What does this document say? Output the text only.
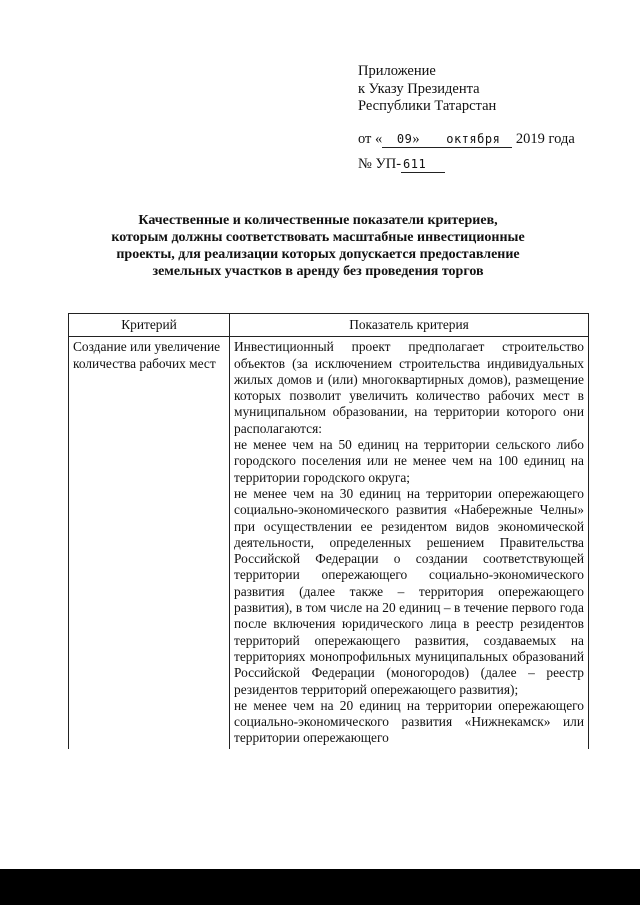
Приложение
к Указу Президента
Республики Татарстан
от « 09» октября 2019 года
№ УП- 611
Качественные и количественные показатели критериев,
которым должны соответствовать масштабные инвестиционные
проекты, для реализации которых допускается предоставление
земельных участков в аренду без проведения торгов
Критерий	Показатель критерия
Создание или увеличение количества рабочих мест	Инвестиционный проект предполагает строительство объектов (за исключением строительства индивидуальных жилых домов и (или) многоквартирных домов), размещение которых позволит увеличить количество рабочих мест в муниципальном образовании, на территории которого они располагаются:

не менее чем на 50 единиц на территории сельского либо городского поселения или не менее чем на 100 единиц на территории городского округа;

не менее чем на 30 единиц на территории опережающего социально-экономического развития «Набережные Челны» при осуществлении ее резидентом видов экономической деятельности, определенных решением Правительства Российской Федерации о создании соответствующей территории опережающего социально-экономического развития (далее также – территория опережающего развития), в том числе на 20 единиц – в течение первого года после включения юридического лица в реестр резидентов территорий опережающего развития, создаваемых на территориях монопрофильных муниципальных образований Российской Федерации (моногородов) (далее – реестр резидентов территорий опережающего развития);

не менее чем на 20 единиц на территории опережающего социально-экономического развития «Нижнекамск» или территории опережающего
